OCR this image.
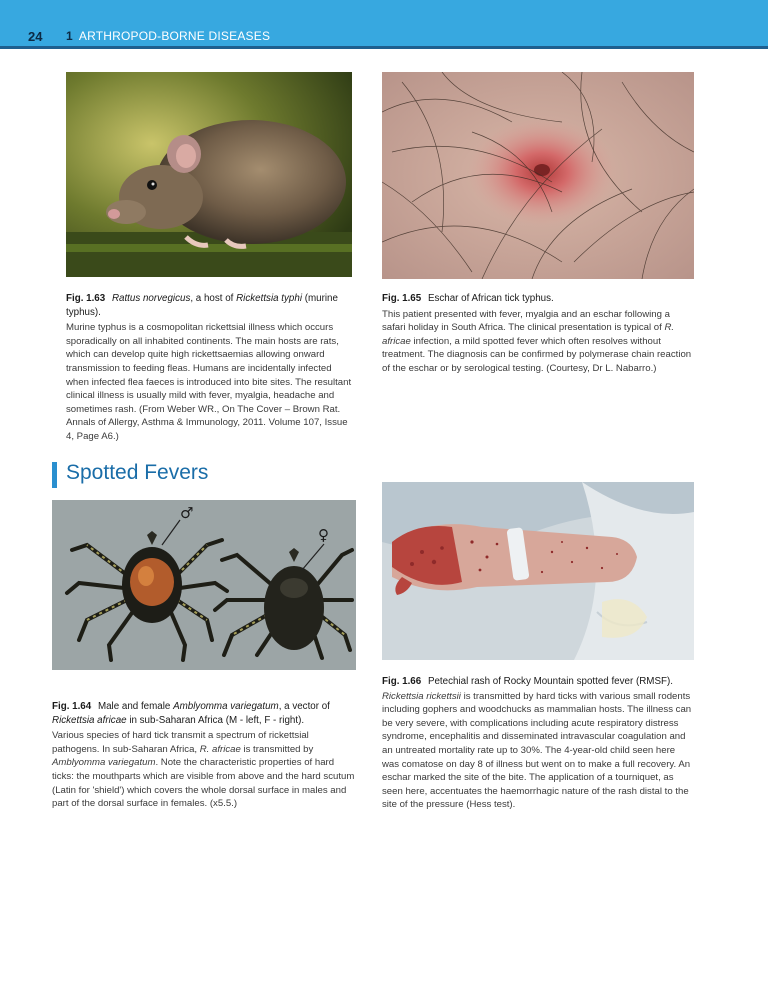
24 1 ARTHROPOD-BORNE DISEASES

Fig. 1.63 Rattus norvegicus, a host of Rickettsia typhi (murine typhus).

Murine typhus is a cosmopolitan rickettsial illness which occurs sporadically on all inhabited continents. The main hosts are rats, which can develop quite high rickettsaemias allowing onward transmission to feeding fleas. Humans are incidentally infected when infected flea faeces is introduced into bite sites. The resultant clinical illness is usually mild with fever, myalgia, headache and sometimes rash. (From Weber WR., On The Cover – Brown Rat. Annals of Allergy, Asthma & Immunology, 2011. Volume 107, Issue 4, Page A6.)

Fig. 1.65 Eschar of African tick typhus.

This patient presented with fever, myalgia and an eschar following a safari holiday in South Africa. The clinical presentation is typical of R. africae infection, a mild spotted fever which often resolves without treatment. The diagnosis can be confirmed by polymerase chain reaction of the eschar or by serological testing. (Courtesy, Dr L. Nabarro.)

Spotted Fevers
♂
♀

Fig. 1.64 Male and female Amblyomma variegatum, a vector of Rickettsia africae in sub-Saharan Africa (M - left, F - right).

Various species of hard tick transmit a spectrum of rickettsial pathogens. In sub-Saharan Africa, R. africae is transmitted by Amblyomma variegatum. Note the characteristic properties of hard ticks: the mouthparts which are visible from above and the hard scutum (Latin for 'shield') which covers the whole dorsal surface in males and part of the dorsal surface in females. (x5.5.)

Fig. 1.66 Petechial rash of Rocky Mountain spotted fever (RMSF).

Rickettsia rickettsii is transmitted by hard ticks with various small rodents including gophers and woodchucks as mammalian hosts. The illness can be very severe, with complications including acute respiratory distress syndrome, encephalitis and disseminated intravascular coagulation and an untreated mortality rate up to 30%. The 4-year-old child seen here was comatose on day 8 of illness but went on to make a full recovery. An eschar marked the site of the bite. The application of a tourniquet, as seen here, accentuates the haemorrhagic nature of the rash distal to the site of the pressure (Hess test).
